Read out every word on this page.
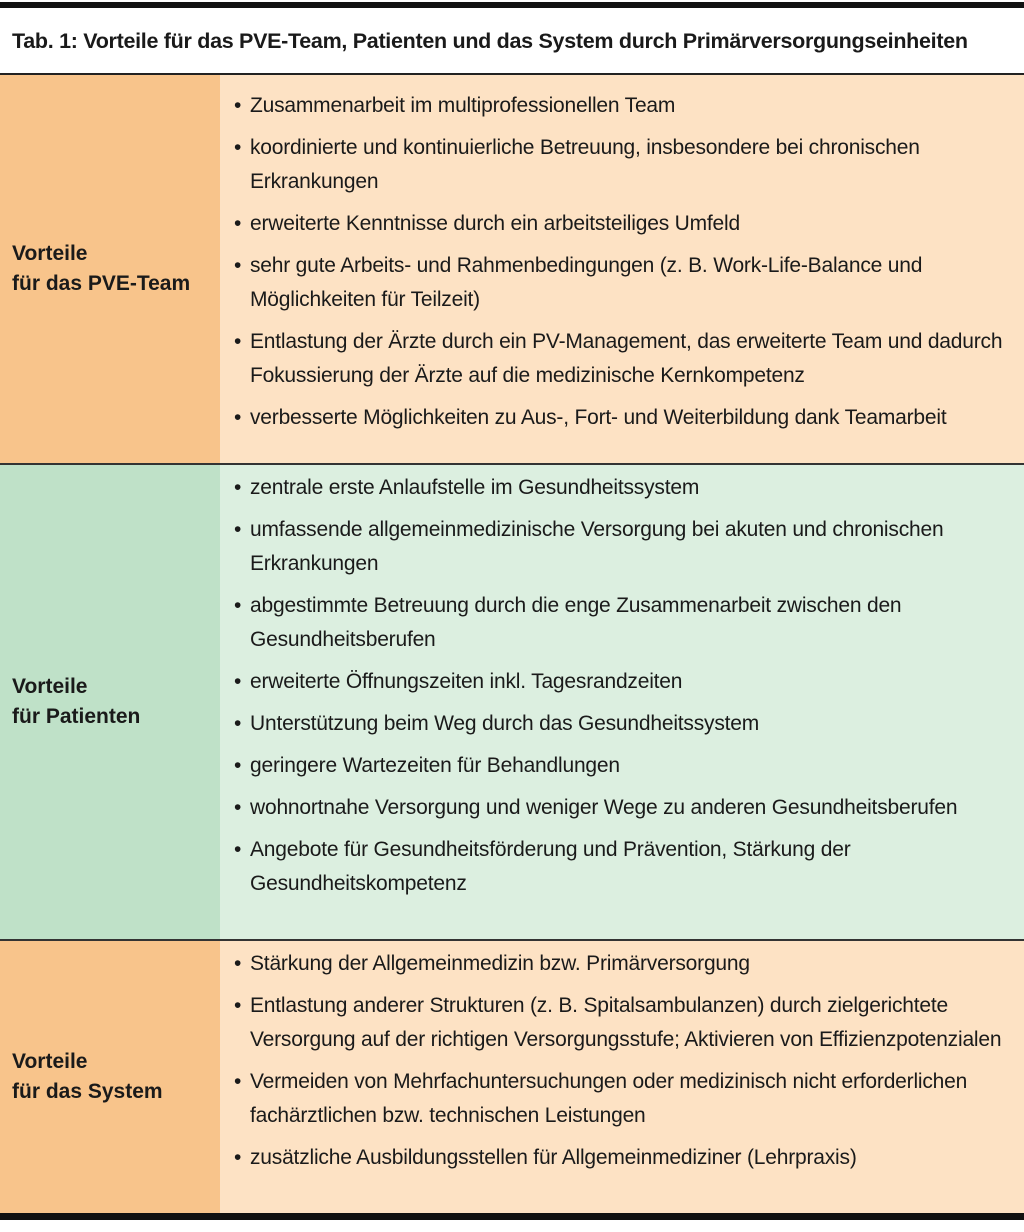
Tab. 1: Vorteile für das PVE-Team, Patienten und das System durch Primärversorgungseinheiten
Vorteile
für das PVE-Team
• Zusammenarbeit im multiprofessionellen Team
• koordinierte und kontinuierliche Betreuung, insbesondere bei chronischen Erkrankungen
• erweiterte Kenntnisse durch ein arbeitsteiliges Umfeld
• sehr gute Arbeits- und Rahmenbedingungen (z. B. Work-Life-Balance und Möglichkeiten für Teilzeit)
• Entlastung der Ärzte durch ein PV-Management, das erweiterte Team und dadurch Fokussierung der Ärzte auf die medizinische Kernkompetenz
• verbesserte Möglichkeiten zu Aus-, Fort- und Weiterbildung dank Teamarbeit
Vorteile
für Patienten
• zentrale erste Anlaufstelle im Gesundheitssystem
• umfassende allgemeinmedizinische Versorgung bei akuten und chronischen Erkrankungen
• abgestimmte Betreuung durch die enge Zusammenarbeit zwischen den Gesundheitsberufen
• erweiterte Öffnungszeiten inkl. Tagesrandzeiten
• Unterstützung beim Weg durch das Gesundheitssystem
• geringere Wartezeiten für Behandlungen
• wohnortnahe Versorgung und weniger Wege zu anderen Gesundheitsberufen
• Angebote für Gesundheitsförderung und Prävention, Stärkung der Gesundheitskompetenz
Vorteile
für das System
• Stärkung der Allgemeinmedizin bzw. Primärversorgung
• Entlastung anderer Strukturen (z. B. Spitalsambulanzen) durch zielgerichtete Versorgung auf der richtigen Versorgungsstufe; Aktivieren von Effizienzpotenzialen
• Vermeiden von Mehrfachuntersuchungen oder medizinisch nicht erforderlichen fachärztlichen bzw. technischen Leistungen
• zusätzliche Ausbildungsstellen für Allgemeinmediziner (Lehrpraxis)
